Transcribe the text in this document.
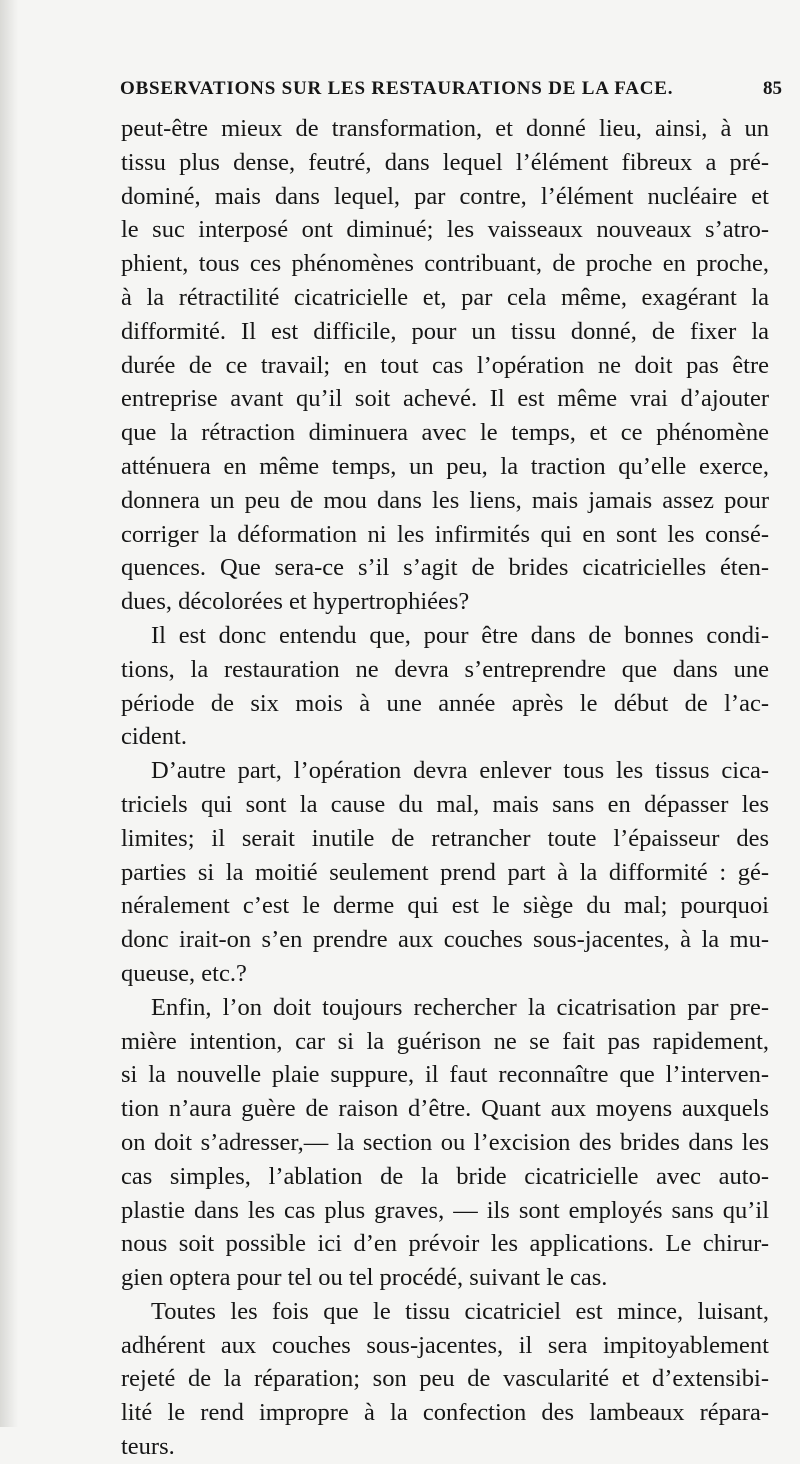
OBSERVATIONS SUR LES RESTAURATIONS DE LA FACE.	85
peut-être mieux de transformation, et donné lieu, ainsi, à un
tissu plus dense, feutré, dans lequel l’élément fibreux a pré-
dominé, mais dans lequel, par contre, l’élément nucléaire et
le suc interposé ont diminué; les vaisseaux nouveaux s’atro-
phient, tous ces phénomènes contribuant, de proche en proche,
à la rétractilité cicatricielle et, par cela même, exagérant la
difformité. Il est difficile, pour un tissu donné, de fixer la
durée de ce travail; en tout cas l’opération ne doit pas être
entreprise avant qu’il soit achevé. Il est même vrai d’ajouter
que la rétraction diminuera avec le temps, et ce phénomène
atténuera en même temps, un peu, la traction qu’elle exerce,
donnera un peu de mou dans les liens, mais jamais assez pour
corriger la déformation ni les infirmités qui en sont les consé-
quences. Que sera-ce s’il s’agit de brides cicatricielles éten-
dues, décolorées et hypertrophiées?
Il est donc entendu que, pour être dans de bonnes condi-
tions, la restauration ne devra s’entreprendre que dans une
période de six mois à une année après le début de l’ac-
cident.
D’autre part, l’opération devra enlever tous les tissus cica-
triciels qui sont la cause du mal, mais sans en dépasser les
limites; il serait inutile de retrancher toute l’épaisseur des
parties si la moitié seulement prend part à la difformité : gé-
néralement c’est le derme qui est le siège du mal; pourquoi
donc irait-on s’en prendre aux couches sous-jacentes, à la mu-
queuse, etc.?
Enfin, l’on doit toujours rechercher la cicatrisation par pre-
mière intention, car si la guérison ne se fait pas rapidement,
si la nouvelle plaie suppure, il faut reconnaître que l’interven-
tion n’aura guère de raison d’être. Quant aux moyens auxquels
on doit s’adresser,— la section ou l’excision des brides dans les
cas simples, l’ablation de la bride cicatricielle avec auto-
plastie dans les cas plus graves, — ils sont employés sans qu’il
nous soit possible ici d’en prévoir les applications. Le chirur-
gien optera pour tel ou tel procédé, suivant le cas.
Toutes les fois que le tissu cicatriciel est mince, luisant,
adhérent aux couches sous-jacentes, il sera impitoyablement
rejeté de la réparation; son peu de vascularité et d’extensibi-
lité le rend impropre à la confection des lambeaux répara-
teurs.
